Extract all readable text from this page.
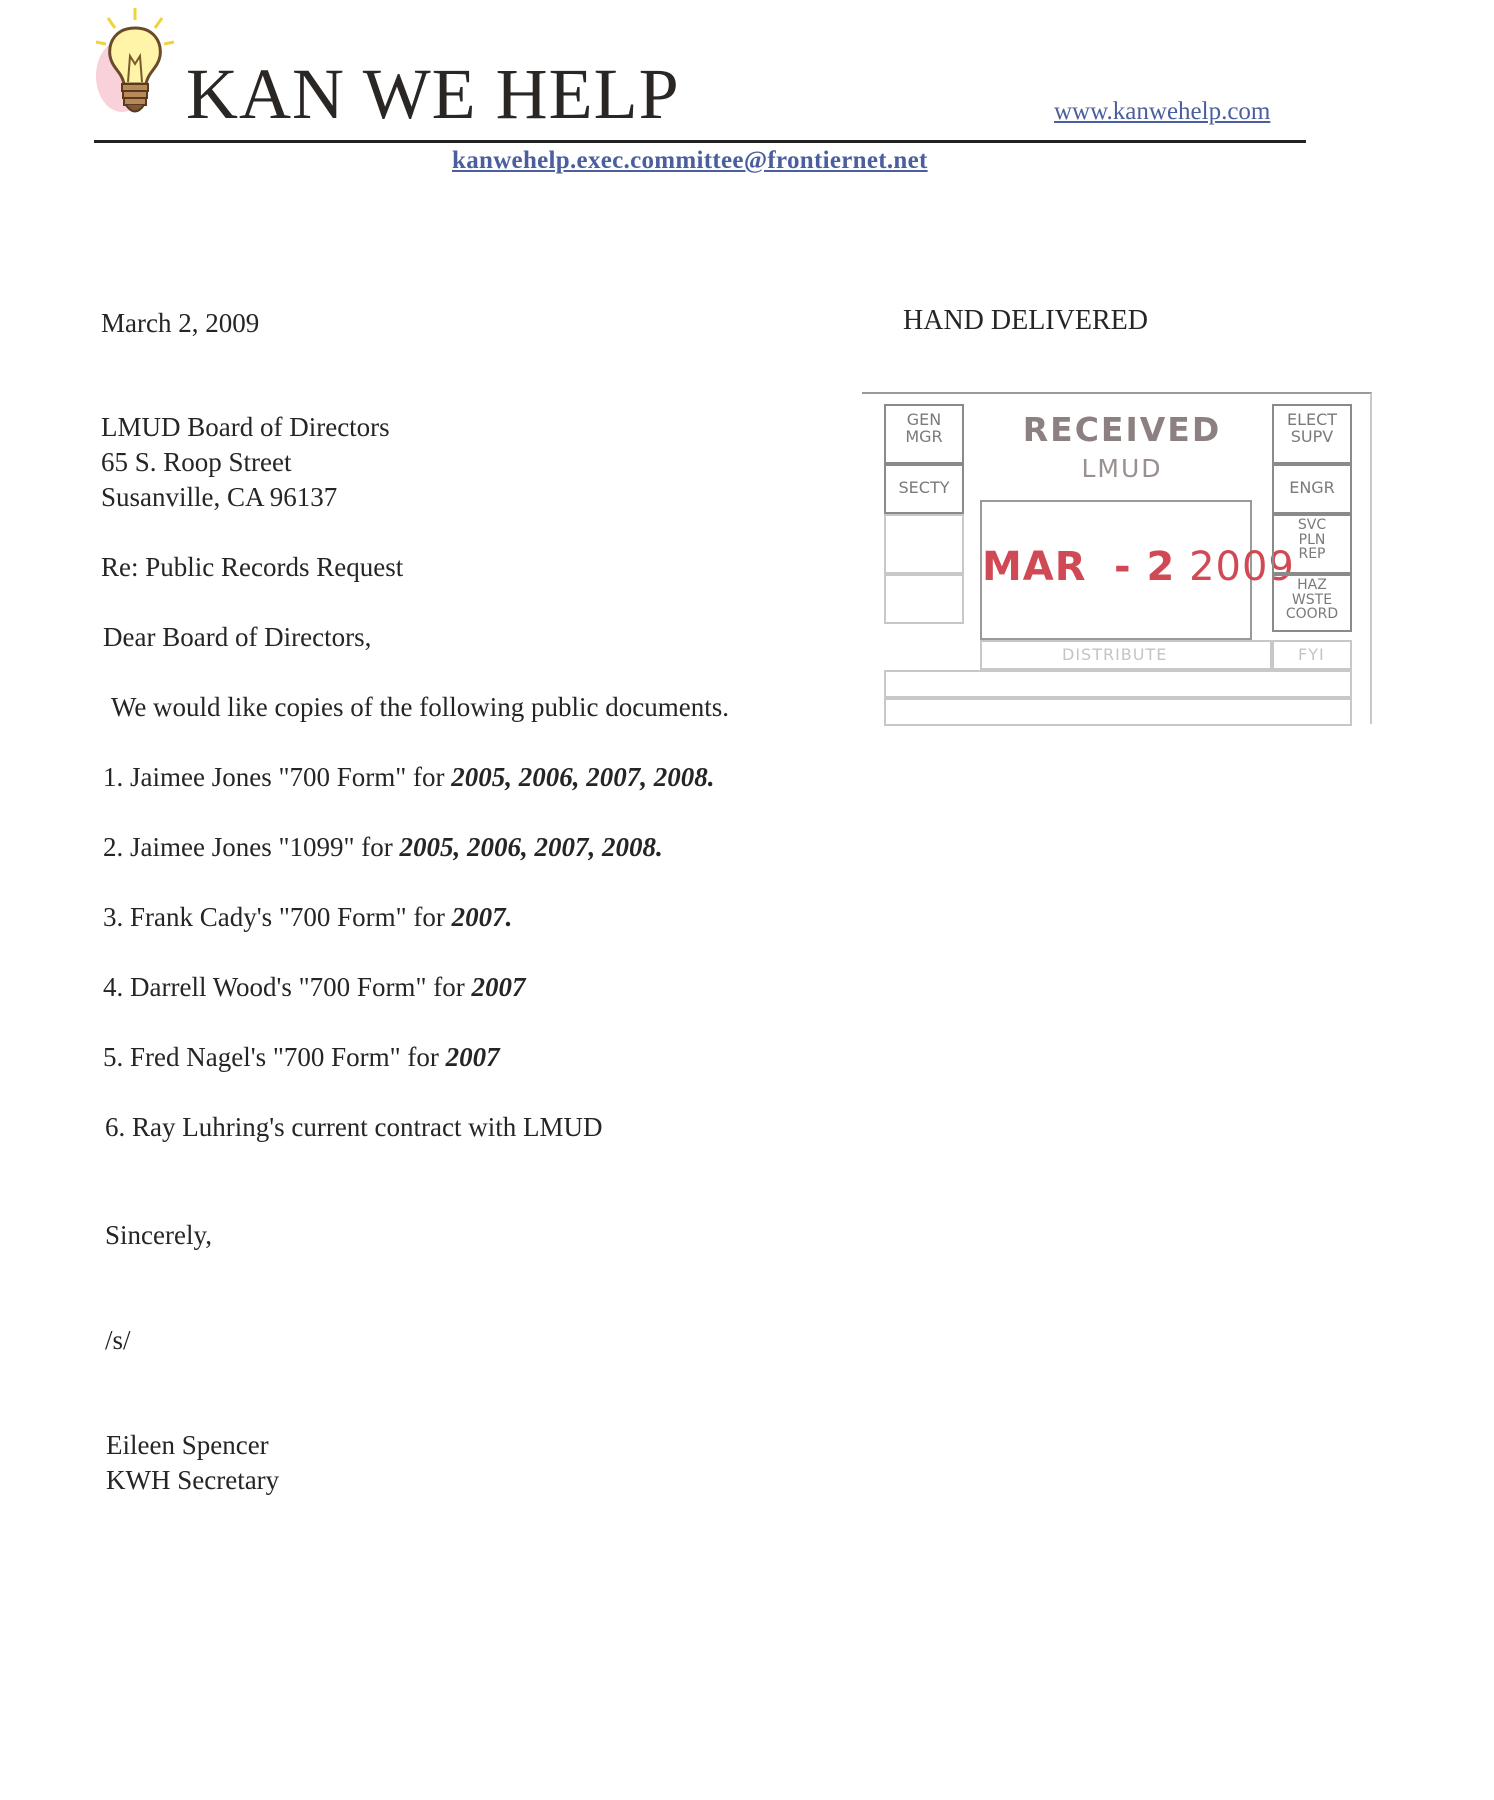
KAN WE HELP	www.kanwehelp.com
kanwehelp.exec.committee@frontiernet.net
March 2, 2009	HAND DELIVERED
LMUD Board of Directors
65 S. Roop Street
Susanville, CA 96137
Re: Public Records Request
Dear Board of Directors,
We would like copies of the following public documents.
1. Jaimee Jones "700 Form" for 2005, 2006, 2007, 2008.
2. Jaimee Jones "1099" for 2005, 2006, 2007, 2008.
3. Frank Cady's "700 Form" for 2007.
4. Darrell Wood's "700 Form" for 2007
5. Fred Nagel's "700 Form" for 2007
6. Ray Luhring's current contract with LMUD
Sincerely,
/s/
Eileen Spencer
KWH Secretary
GEN
MGR
SECTY
RECEIVED
LMUD
MAR - 2 2009
ELECT
SUPV
ENGR
SVC
PLN
REP
HAZ
WSTE
COORD
DISTRIBUTE	FYI
